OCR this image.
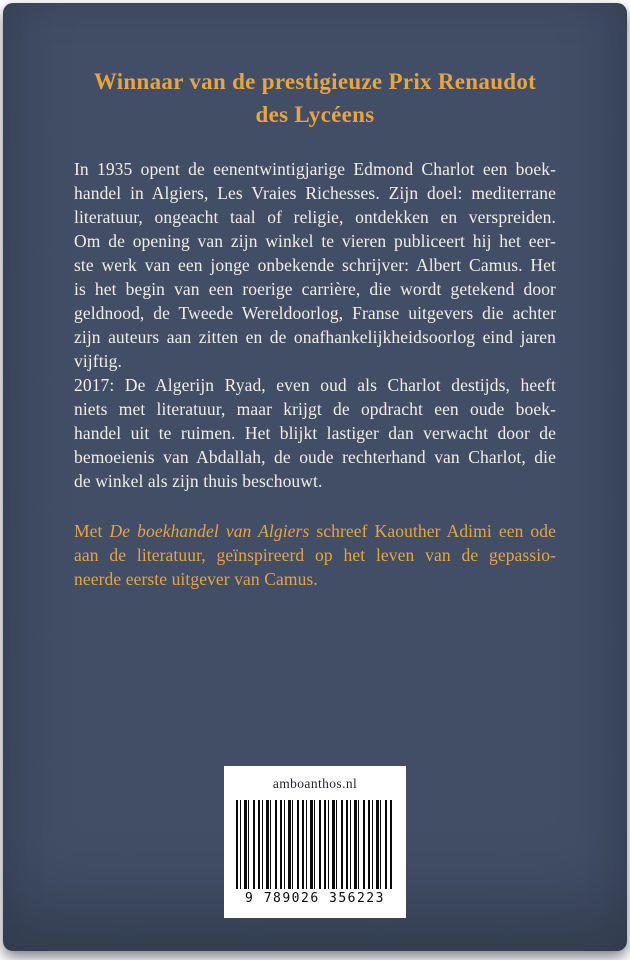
Winnaar van de prestigieuze Prix Renaudot
des Lycéens
In 1935 opent de eenentwintigjarige Edmond Charlot een boek-
handel in Algiers, Les Vraies Richesses. Zijn doel: mediterrane
literatuur, ongeacht taal of religie, ontdekken en verspreiden.
Om de opening van zijn winkel te vieren publiceert hij het eer-
ste werk van een jonge onbekende schrijver: Albert Camus. Het
is het begin van een roerige carrière, die wordt getekend door
geldnood, de Tweede Wereldoorlog, Franse uitgevers die achter
zijn auteurs aan zitten en de onafhankelijkheidsoorlog eind jaren
vijftig.
2017: De Algerijn Ryad, even oud als Charlot destijds, heeft
niets met literatuur, maar krijgt de opdracht een oude boek-
handel uit te ruimen. Het blijkt lastiger dan verwacht door de
bemoeienis van Abdallah, de oude rechterhand van Charlot, die
de winkel als zijn thuis beschouwt.
Met De boekhandel van Algiers schreef Kaouther Adimi een ode
aan de literatuur, geïnspireerd op het leven van de gepassio-
neerde eerste uitgever van Camus.
amboanthos.nl
9 789026 356223
